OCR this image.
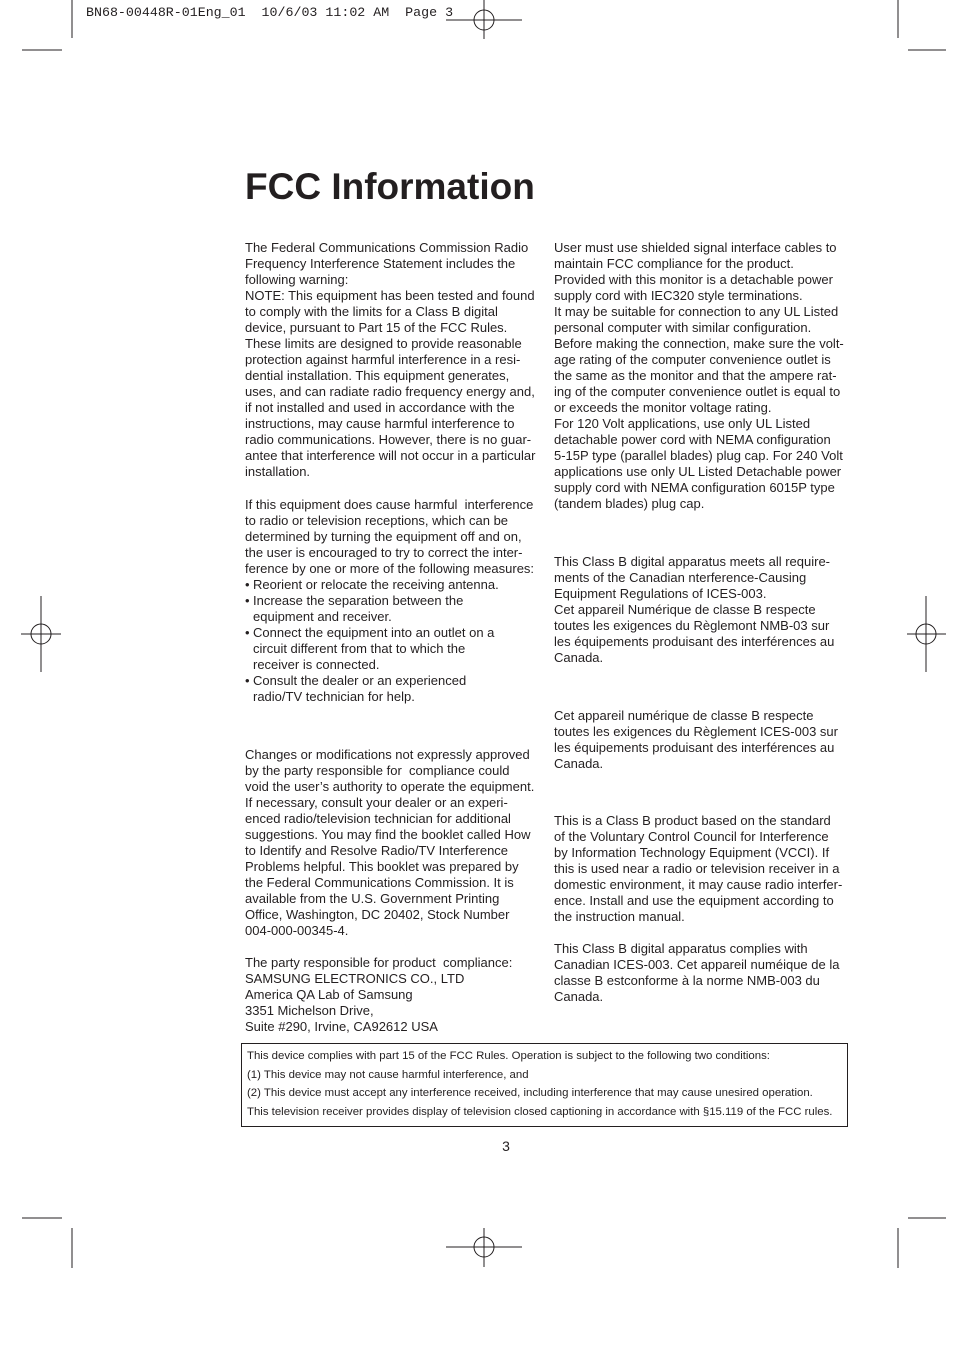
BN68-00448R-01Eng_01  10/6/03 11:02 AM  Page 3
FCC Information
The Federal Communications Commission Radio
Frequency Interference Statement includes the
following warning:
NOTE: This equipment has been tested and found
to comply with the limits for a Class B digital
device, pursuant to Part 15 of the FCC Rules.
These limits are designed to provide reasonable
protection against harmful interference in a resi-
dential installation. This equipment generates,
uses, and can radiate radio frequency energy and,
if not installed and used in accordance with the
instructions, may cause harmful interference to
radio communications. However, there is no guar-
antee that interference will not occur in a particular
installation.
If this equipment does cause harmful  interference
to radio or television receptions, which can be
determined by turning the equipment off and on,
the user is encouraged to try to correct the inter-
ference by one or more of the following measures:
• Reorient or relocate the receiving antenna.
• Increase the separation between the
equipment and receiver.
• Connect the equipment into an outlet on a
circuit different from that to which the
receiver is connected.
• Consult the dealer or an experienced
radio/TV technician for help.
Changes or modifications not expressly approved
by the party responsible for  compliance could
void the user’s authority to operate the equipment.
If necessary, consult your dealer or an experi-
enced radio/television technician for additional
suggestions. You may find the booklet called How
to Identify and Resolve Radio/TV Interference
Problems helpful. This booklet was prepared by
the Federal Communications Commission. It is
available from the U.S. Government Printing
Office, Washington, DC 20402, Stock Number
004-000-00345-4.
The party responsible for product  compliance:
SAMSUNG ELECTRONICS CO., LTD
America QA Lab of Samsung
3351 Michelson Drive,
Suite #290, Irvine, CA92612 USA
User must use shielded signal interface cables to
maintain FCC compliance for the product.
Provided with this monitor is a detachable power
supply cord with IEC320 style terminations.
It may be suitable for connection to any UL Listed
personal computer with similar configuration.
Before making the connection, make sure the volt-
age rating of the computer convenience outlet is
the same as the monitor and that the ampere rat-
ing of the computer convenience outlet is equal to
or exceeds the monitor voltage rating.
For 120 Volt applications, use only UL Listed
detachable power cord with NEMA configuration
5-15P type (parallel blades) plug cap. For 240 Volt
applications use only UL Listed Detachable power
supply cord with NEMA configuration 6015P type
(tandem blades) plug cap.
This Class B digital apparatus meets all require-
ments of the Canadian nterference-Causing
Equipment Regulations of ICES-003.
Cet appareil Numérique de classe B respecte
toutes les exigences du Règlemont NMB-03 sur
les équipements produisant des interférences au
Canada.
Cet appareil numérique de classe B respecte
toutes les exigences du Règlement ICES-003 sur
les équipements produisant des interférences au
Canada.
This is a Class B product based on the standard
of the Voluntary Control Council for Interference
by Information Technology Equipment (VCCI). If
this is used near a radio or television receiver in a
domestic environment, it may cause radio interfer-
ence. Install and use the equipment according to
the instruction manual.
This Class B digital apparatus complies with
Canadian ICES-003. Cet appareil numéique de la
classe B estconforme à la norme NMB-003 du
Canada.
This device complies with part 15 of the FCC Rules. Operation is subject to the following two conditions:
(1) This device may not cause harmful interference, and
(2) This device must accept any interference received, including interference that may cause unesired operation.
This television receiver provides display of television closed captioning in accordance with §15.119 of the FCC rules.
3
